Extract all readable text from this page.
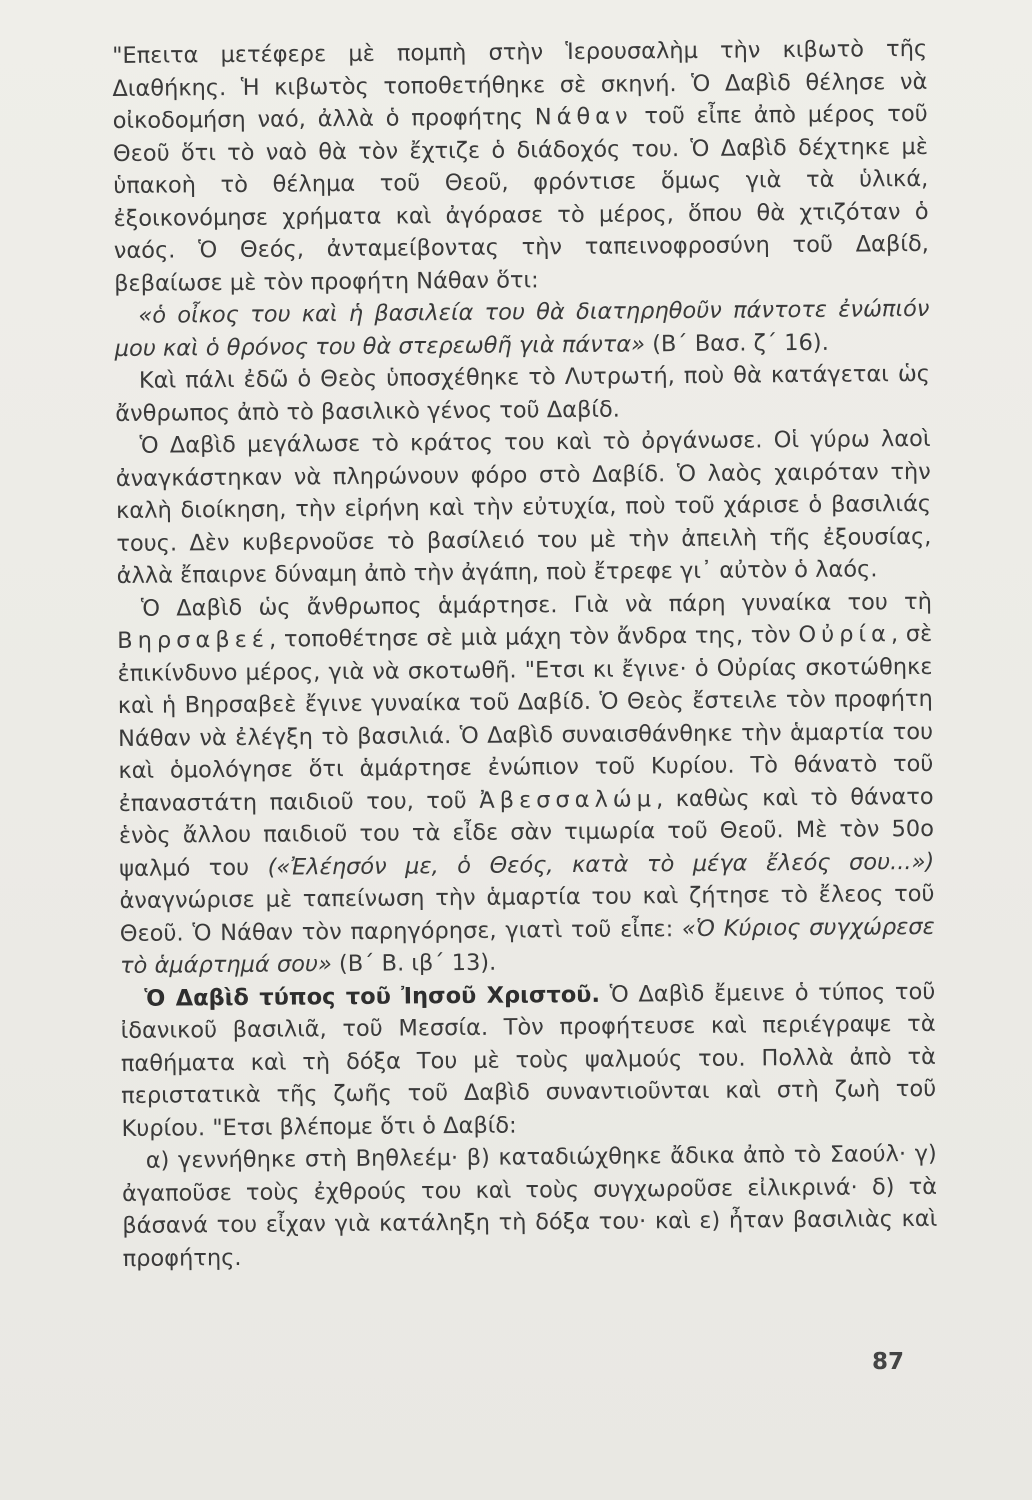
"Επειτα μετέφερε μὲ πομπὴ στὴν Ἱερουσαλὴμ τὴν κιβωτὸ τῆς Διαθήκης. Ἡ κιβωτὸς τοποθετήθηκε σὲ σκηνή. Ὁ Δαβὶδ θέλησε νὰ οἰκοδομήση ναό, ἀλλὰ ὁ προφήτης Νάθαν τοῦ εἶπε ἀπὸ μέρος τοῦ Θεοῦ ὅτι τὸ ναὸ θὰ τὸν ἔχτιζε ὁ διάδοχός του. Ὁ Δαβὶδ δέχτηκε μὲ ὑπακοὴ τὸ θέλημα τοῦ Θεοῦ, φρόντισε ὅμως γιὰ τὰ ὑλικά, ἐξοικονόμησε χρήματα καὶ ἀγόρασε τὸ μέρος, ὅπου θὰ χτιζόταν ὁ ναός. Ὁ Θεός, ἀνταμείβοντας τὴν ταπεινοφροσύνη τοῦ Δαβίδ, βεβαίωσε μὲ τὸν προφήτη Νάθαν ὅτι:

«ὁ οἶκος του καὶ ἡ βασιλεία του θὰ διατηρηθοῦν πάντοτε ἐνώπιόν μου καὶ ὁ θρόνος του θὰ στερεωθῆ γιὰ πάντα» (Β΄ Βασ. ζ΄ 16).

Καὶ πάλι ἐδῶ ὁ Θεὸς ὑποσχέθηκε τὸ Λυτρωτή, ποὺ θὰ κατάγεται ὡς ἄνθρωπος ἀπὸ τὸ βασιλικὸ γένος τοῦ Δαβίδ.

Ὁ Δαβὶδ μεγάλωσε τὸ κράτος του καὶ τὸ ὀργάνωσε. Οἱ γύρω λαοὶ ἀναγκάστηκαν νὰ πληρώνουν φόρο στὸ Δαβίδ. Ὁ λαὸς χαιρόταν τὴν καλὴ διοίκηση, τὴν εἰρήνη καὶ τὴν εὐτυχία, ποὺ τοῦ χάρισε ὁ βασιλιάς τους. Δὲν κυβερνοῦσε τὸ βασίλειό του μὲ τὴν ἀπειλὴ τῆς ἐξουσίας, ἀλλὰ ἔπαιρνε δύναμη ἀπὸ τὴν ἀγάπη, ποὺ ἔτρεφε γι᾿ αὐτὸν ὁ λαός.

Ὁ Δαβὶδ ὡς ἄνθρωπος ἁμάρτησε. Γιὰ νὰ πάρη γυναίκα του τὴ Βηρσαβεέ, τοποθέτησε σὲ μιὰ μάχη τὸν ἄνδρα της, τὸν Οὐρία, σὲ ἐπικίνδυνο μέρος, γιὰ νὰ σκοτωθῆ. "Ετσι κι ἔγινε· ὁ Οὐρίας σκοτώθηκε καὶ ἡ Βηρσαβεὲ ἔγινε γυναίκα τοῦ Δαβίδ. Ὁ Θεὸς ἔστειλε τὸν προφήτη Νάθαν νὰ ἐλέγξη τὸ βασιλιά. Ὁ Δαβὶδ συναισθάνθηκε τὴν ἁμαρτία του καὶ ὁμολόγησε ὅτι ἁμάρτησε ἐνώπιον τοῦ Κυρίου. Τὸ θάνατὸ τοῦ ἐπαναστάτη παιδιοῦ του, τοῦ Ἀβεσσαλώμ, καθὼς καὶ τὸ θάνατο ἑνὸς ἄλλου παιδιοῦ του τὰ εἶδε σὰν τιμωρία τοῦ Θεοῦ. Μὲ τὸν 50ο ψαλμό του («Ἐλέησόν με, ὁ Θεός, κατὰ τὸ μέγα ἔλεός σου...») ἀναγνώρισε μὲ ταπείνωση τὴν ἁμαρτία του καὶ ζήτησε τὸ ἔλεος τοῦ Θεοῦ. Ὁ Νάθαν τὸν παρηγόρησε, γιατὶ τοῦ εἶπε: «Ὁ Κύριος συγχώρεσε τὸ ἁμάρτημά σου» (Β΄ Β. ιβ΄ 13).

Ὁ Δαβὶδ τύπος τοῦ Ἰησοῦ Χριστοῦ. Ὁ Δαβὶδ ἔμεινε ὁ τύπος τοῦ ἰδανικοῦ βασιλιᾶ, τοῦ Μεσσία. Τὸν προφήτευσε καὶ περιέγραψε τὰ παθήματα καὶ τὴ δόξα Του μὲ τοὺς ψαλμούς του. Πολλὰ ἀπὸ τὰ περιστατικὰ τῆς ζωῆς τοῦ Δαβὶδ συναντιοῦνται καὶ στὴ ζωὴ τοῦ Κυρίου. "Ετσι βλέπομε ὅτι ὁ Δαβίδ:

α) γεννήθηκε στὴ Βηθλεέμ· β) καταδιώχθηκε ἄδικα ἀπὸ τὸ Σαούλ· γ) ἀγαποῦσε τοὺς ἐχθρούς του καὶ τοὺς συγχωροῦσε εἰλικρινά· δ) τὰ βάσανά του εἶχαν γιὰ κατάληξη τὴ δόξα του· καὶ ε) ἦταν βασιλιὰς καὶ προφήτης.

87
